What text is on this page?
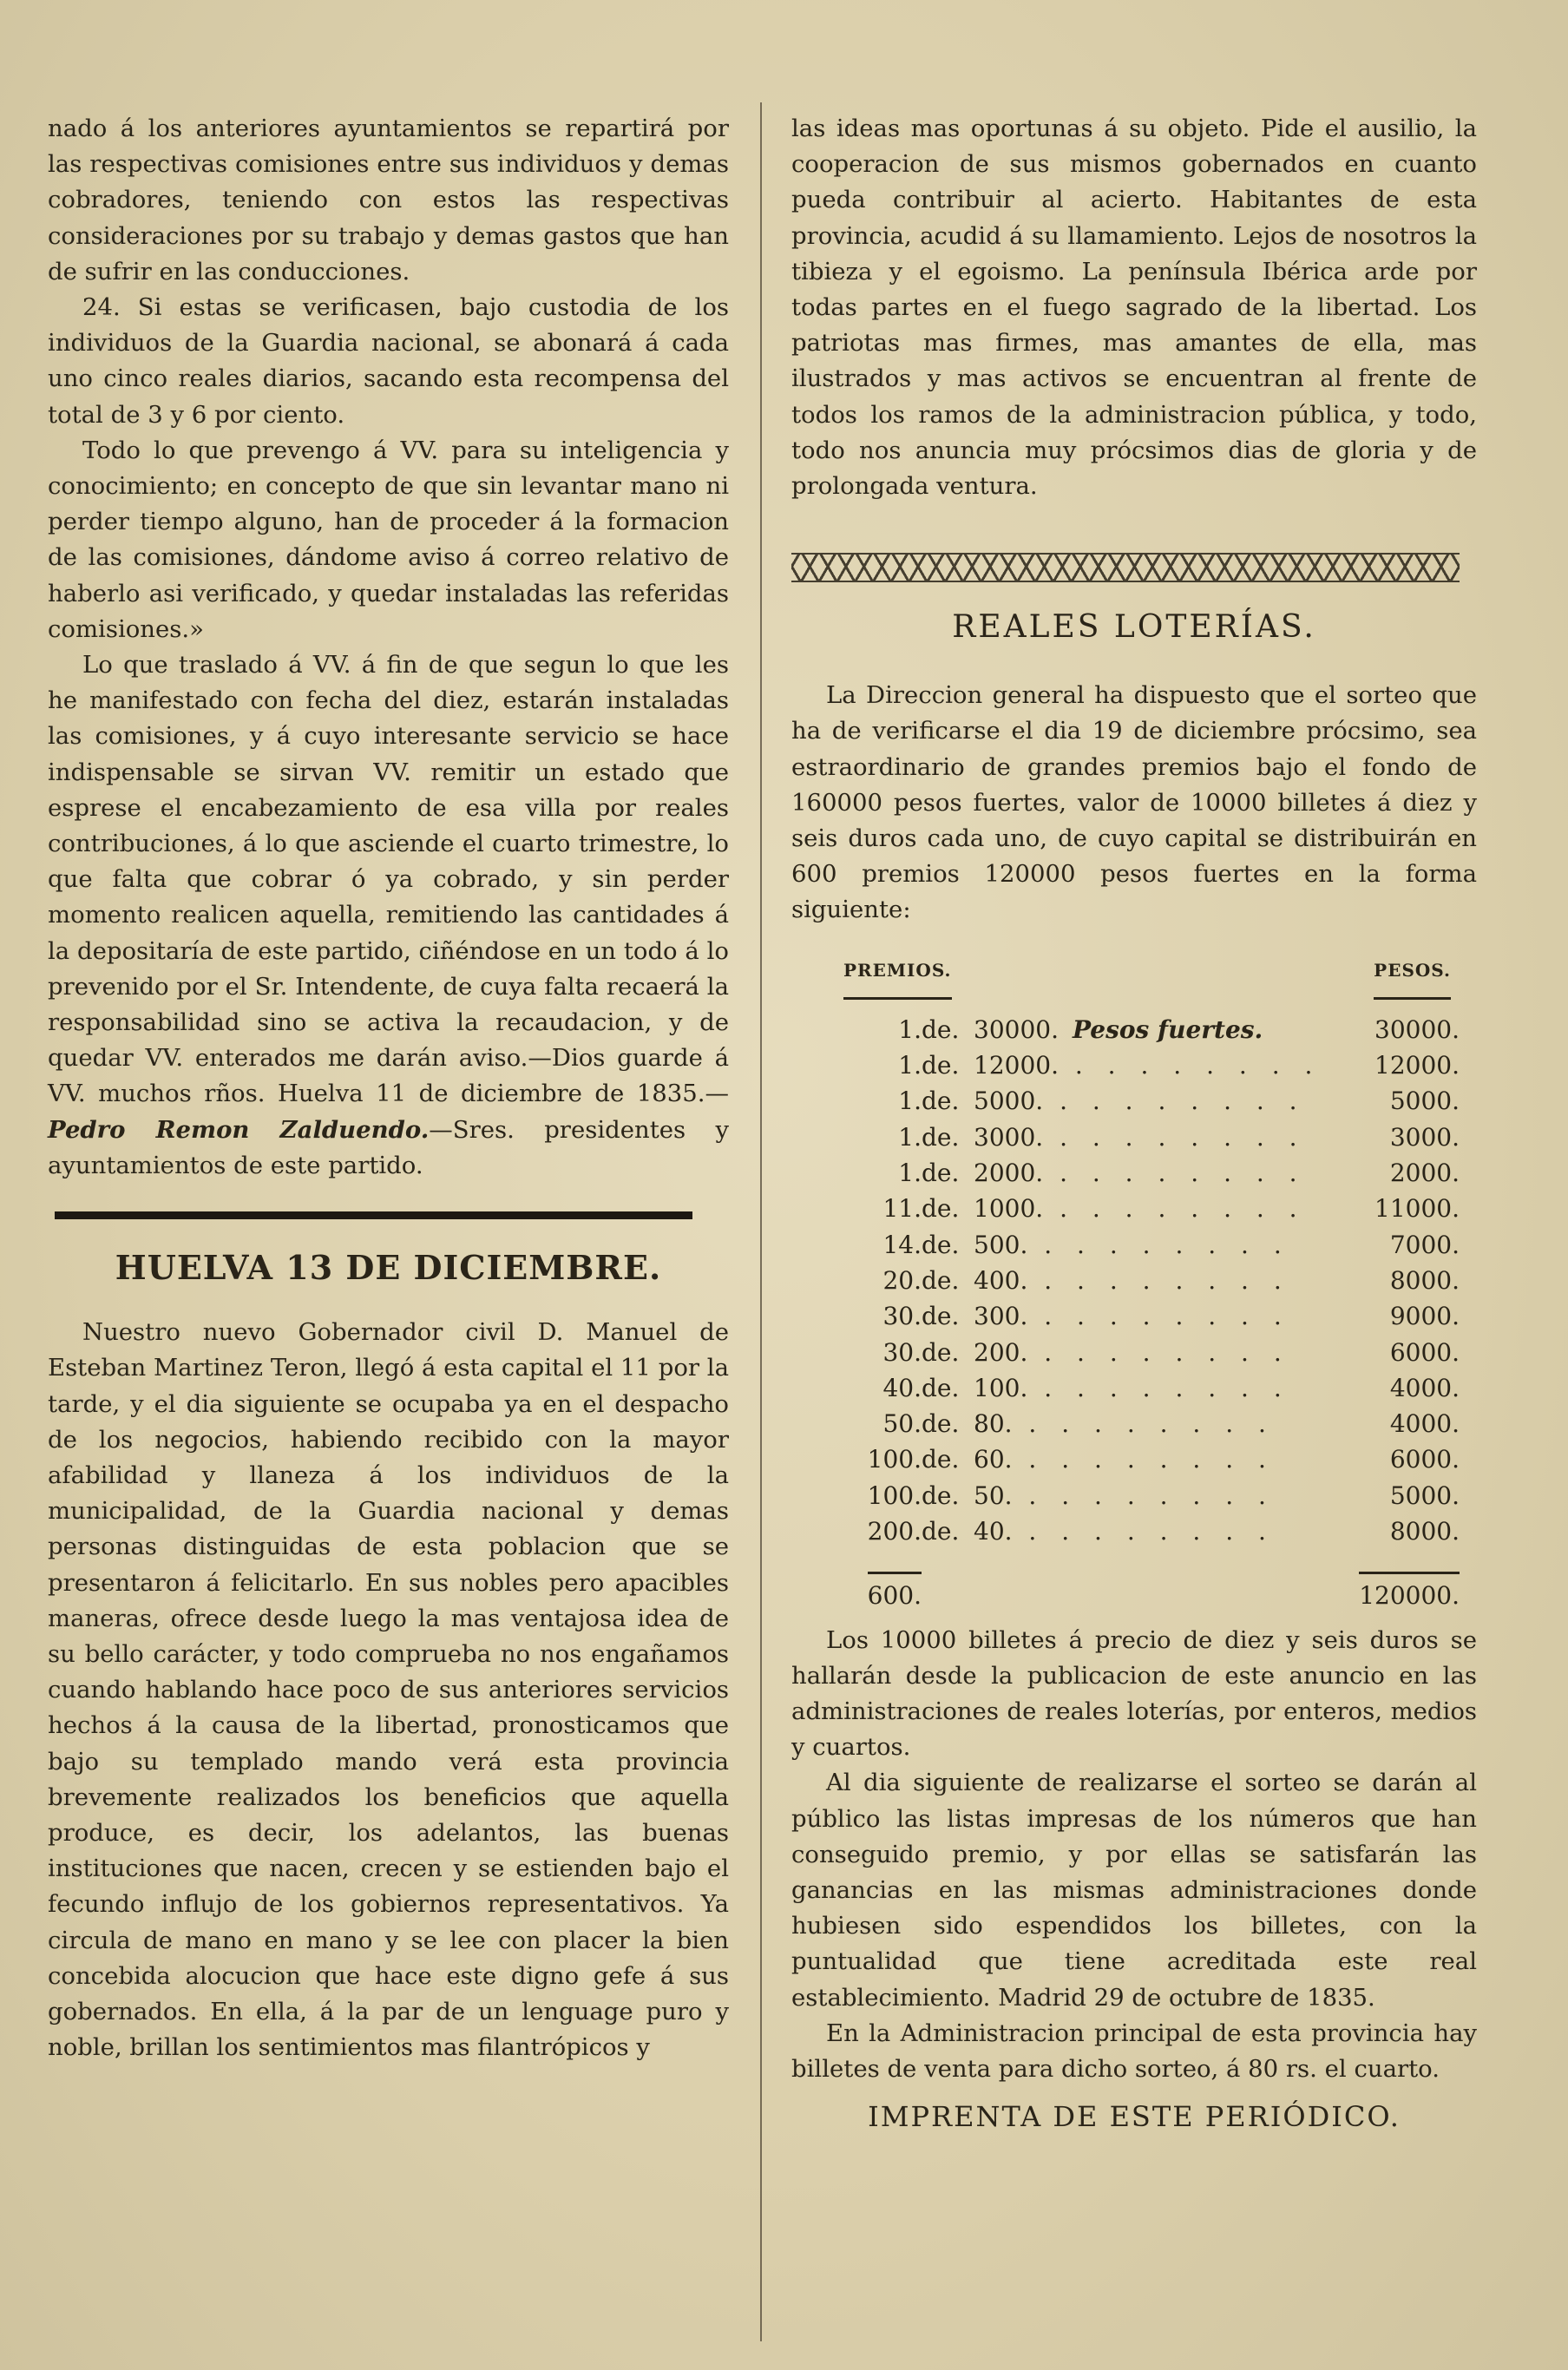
nado á los anteriores ayuntamientos se repartirá por las respectivas comisiones entre sus individuos y demas cobradores, teniendo con estos las respectivas consideraciones por su trabajo y demas gastos que han de sufrir en las conducciones.

24. Si estas se verificasen, bajo custodia de los individuos de la Guardia nacional, se abonará á cada uno cinco reales diarios, sacando esta recompensa del total de 3 y 6 por ciento.

Todo lo que prevengo á VV. para su inteligencia y conocimiento; en concepto de que sin levantar mano ni perder tiempo alguno, han de proceder á la formacion de las comisiones, dándome aviso á correo relativo de haberlo asi verificado, y quedar instaladas las referidas comisiones.»

Lo que traslado á VV. á fin de que segun lo que les he manifestado con fecha del diez, estarán instaladas las comisiones, y á cuyo interesante servicio se hace indispensable se sirvan VV. remitir un estado que esprese el encabezamiento de esa villa por reales contribuciones, á lo que asciende el cuarto trimestre, lo que falta que cobrar ó ya cobrado, y sin perder momento realicen aquella, remitiendo las cantidades á la depositaría de este partido, ciñéndose en un todo á lo prevenido por el Sr. Intendente, de cuya falta recaerá la responsabilidad sino se activa la recaudacion, y de quedar VV. enterados me darán aviso.—Dios guarde á VV. muchos rños. Huelva 11 de diciembre de 1835.—Pedro Remon Zalduendo.—Sres. presidentes y ayuntamientos de este partido.

HUELVA 13 DE DICIEMBRE.

Nuestro nuevo Gobernador civil D. Manuel de Esteban Martinez Teron, llegó á esta capital el 11 por la tarde, y el dia siguiente se ocupaba ya en el despacho de los negocios, habiendo recibido con la mayor afabilidad y llaneza á los individuos de la municipalidad, de la Guardia nacional y demas personas distinguidas de esta poblacion que se presentaron á felicitarlo. En sus nobles pero apacibles maneras, ofrece desde luego la mas ventajosa idea de su bello carácter, y todo comprueba no nos engañamos cuando hablando hace poco de sus anteriores servicios hechos á la causa de la libertad, pronosticamos que bajo su templado mando verá esta provincia brevemente realizados los beneficios que aquella produce, es decir, los adelantos, las buenas instituciones que nacen, crecen y se estienden bajo el fecundo influjo de los gobiernos representativos. Ya circula de mano en mano y se lee con placer la bien concebida alocucion que hace este digno gefe á sus gobernados. En ella, á la par de un lenguage puro y noble, brillan los sentimientos mas filantrópicos y

las ideas mas oportunas á su objeto. Pide el ausilio, la cooperacion de sus mismos gobernados en cuanto pueda contribuir al acierto. Habitantes de esta provincia, acudid á su llamamiento. Lejos de nosotros la tibieza y el egoismo. La península Ibérica arde por todas partes en el fuego sagrado de la libertad. Los patriotas mas firmes, mas amantes de ella, mas ilustrados y mas activos se encuentran al frente de todos los ramos de la administracion pública, y todo, todo nos anuncia muy prócsimos dias de gloria y de prolongada ventura.

REALES LOTERÍAS.

La Direccion general ha dispuesto que el sorteo que ha de verificarse el dia 19 de diciembre prócsimo, sea estraordinario de grandes premios bajo el fondo de 160000 pesos fuertes, valor de 10000 billetes á diez y seis duros cada uno, de cuyo capital se distribuirán en 600 premios 120000 pesos fuertes en la forma siguiente:

PREMIOS.			PESOS.
1.	de.	30000. Pesos fuertes.	30000.
1.	de.	12000. . . . . . . . .	12000.
1.	de.	5000. . . . . . . . .	5000.
1.	de.	3000. . . . . . . . .	3000.
1.	de.	2000. . . . . . . . .	2000.
11.	de.	1000. . . . . . . . .	11000.
14.	de.	500. . . . . . . . .	7000.
20.	de.	400. . . . . . . . .	8000.
30.	de.	300. . . . . . . . .	9000.
30.	de.	200. . . . . . . . .	6000.
40.	de.	100. . . . . . . . .	4000.
50.	de.	80. . . . . . . . .	4000.
100.	de.	60. . . . . . . . .	6000.
100.	de.	50. . . . . . . . .	5000.
200.	de.	40. . . . . . . . .	8000.
600.			120000.

Los 10000 billetes á precio de diez y seis duros se hallarán desde la publicacion de este anuncio en las administraciones de reales loterías, por enteros, medios y cuartos.

Al dia siguiente de realizarse el sorteo se darán al público las listas impresas de los números que han conseguido premio, y por ellas se satisfarán las ganancias en las mismas administraciones donde hubiesen sido espendidos los billetes, con la puntualidad que tiene acreditada este real establecimiento. Madrid 29 de octubre de 1835.

En la Administracion principal de esta provincia hay billetes de venta para dicho sorteo, á 80 rs. el cuarto.

IMPRENTA DE ESTE PERIÓDICO.
